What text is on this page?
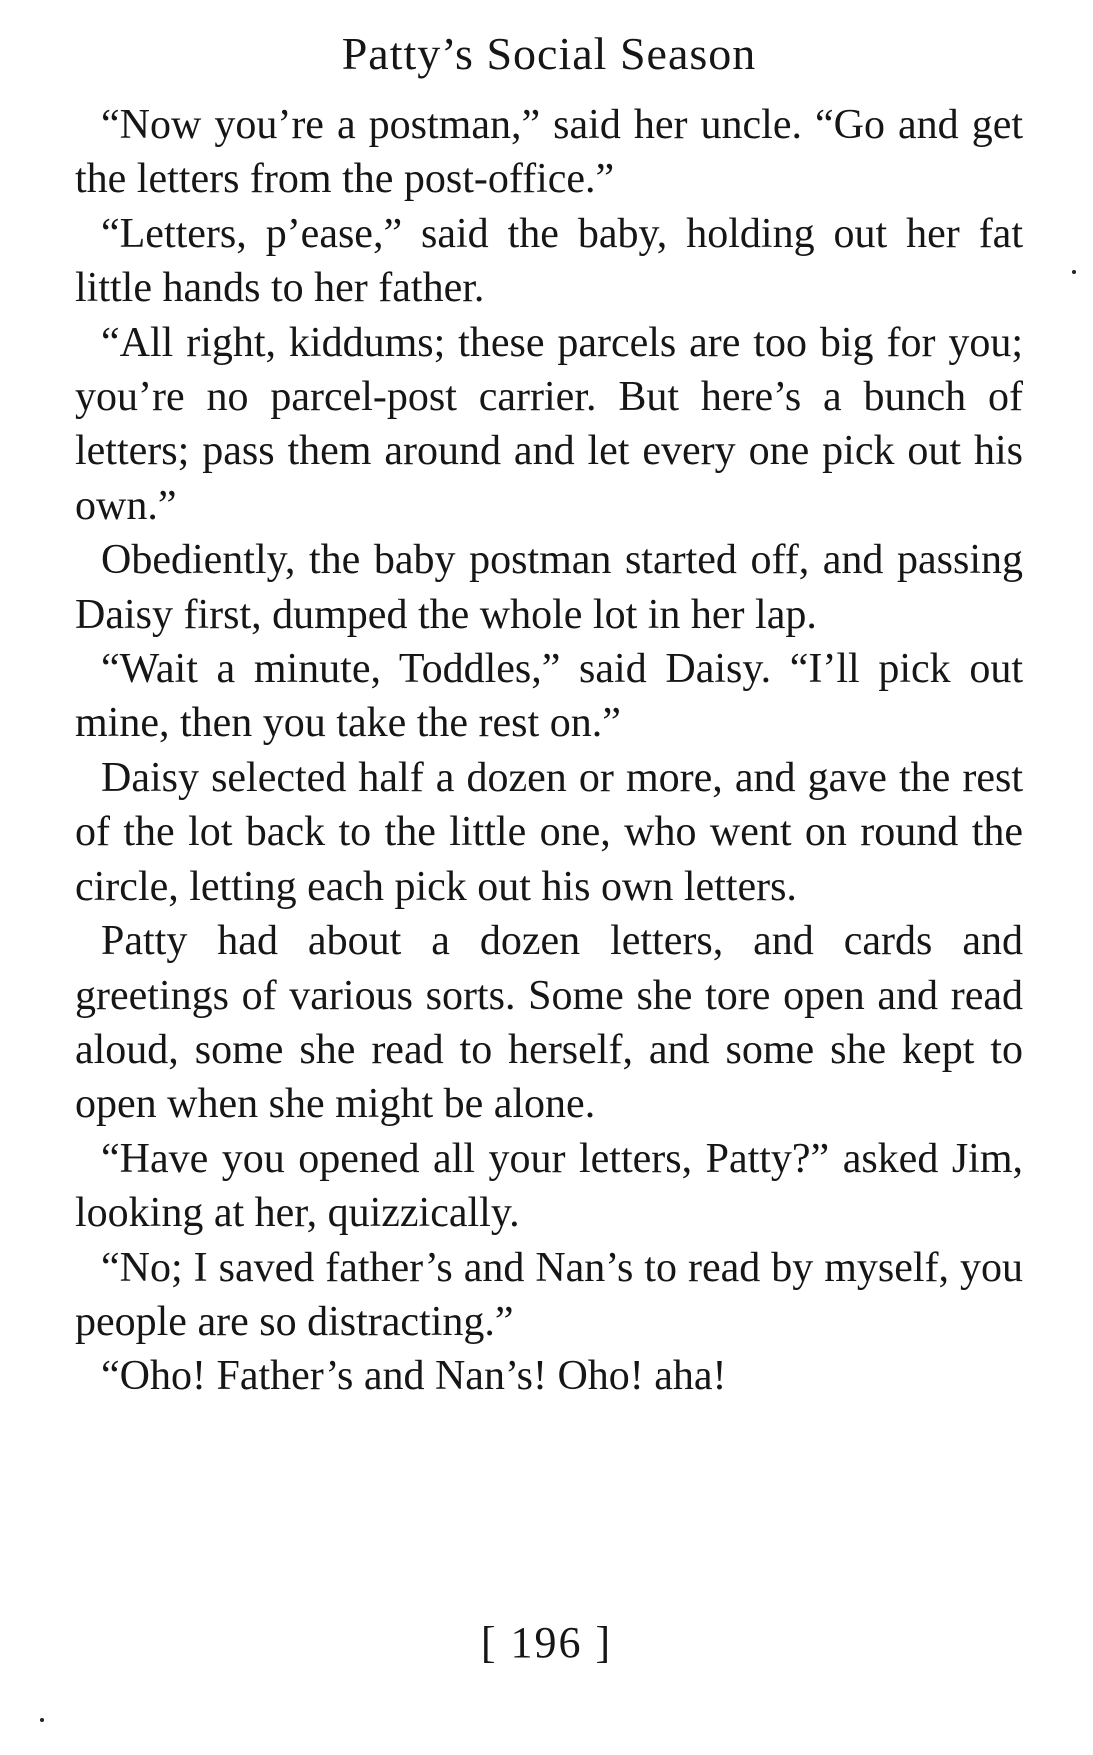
Patty’s Social Season

“Now you’re a postman,” said her uncle. “Go and get the letters from the post-office.”

“Letters, p’ease,” said the baby, holding out her fat little hands to her father.

“All right, kiddums; these parcels are too big for you; you’re no parcel-post carrier. But here’s a bunch of letters; pass them around and let every one pick out his own.”

Obediently, the baby postman started off, and passing Daisy first, dumped the whole lot in her lap.

“Wait a minute, Toddles,” said Daisy. “I’ll pick out mine, then you take the rest on.”

Daisy selected half a dozen or more, and gave the rest of the lot back to the little one, who went on round the circle, letting each pick out his own letters.

Patty had about a dozen letters, and cards and greetings of various sorts. Some she tore open and read aloud, some she read to herself, and some she kept to open when she might be alone.

“Have you opened all your letters, Patty?” asked Jim, looking at her, quizzically.

“No; I saved father’s and Nan’s to read by myself, you people are so distracting.”

“Oho! Father’s and Nan’s! Oho! aha!

[ 196 ]
